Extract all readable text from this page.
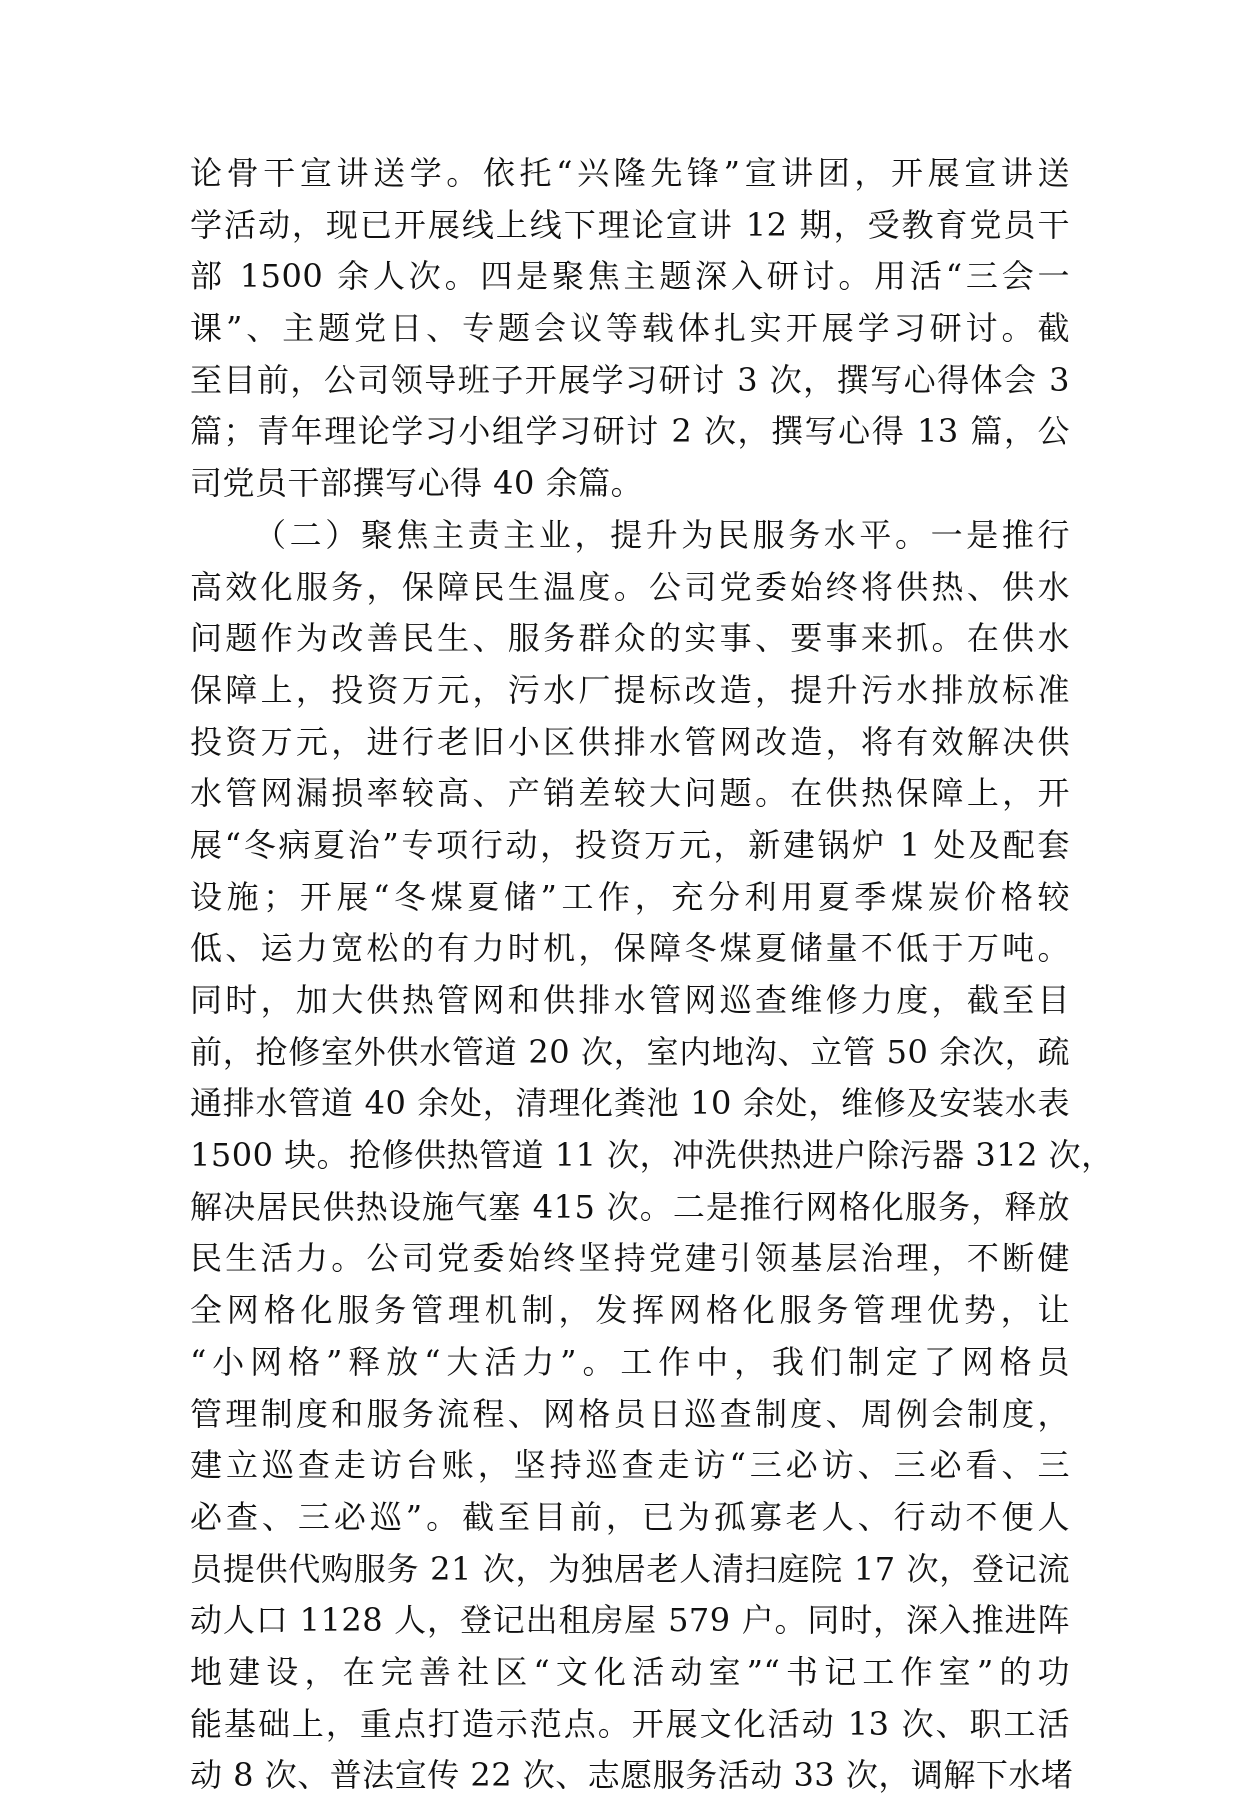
论骨干宣讲送学。依托“兴隆先锋”宣讲团，开展宣讲送
学活动，现已开展线上线下理论宣讲 12 期，受教育党员干
部 1500 余人次。四是聚焦主题深入研讨。用活“三会一
课”、主题党日、专题会议等载体扎实开展学习研讨。截
至目前，公司领导班子开展学习研讨 3 次，撰写心得体会 3
篇；青年理论学习小组学习研讨 2 次，撰写心得 13 篇，公
司党员干部撰写心得 40 余篇。
（二）聚焦主责主业，提升为民服务水平。一是推行
高效化服务，保障民生温度。公司党委始终将供热、供水
问题作为改善民生、服务群众的实事、要事来抓。在供水
保障上，投资万元，污水厂提标改造，提升污水排放标准
投资万元，进行老旧小区供排水管网改造，将有效解决供
水管网漏损率较高、产销差较大问题。在供热保障上，开
展“冬病夏治”专项行动，投资万元，新建锅炉 1 处及配套
设施；开展“冬煤夏储”工作，充分利用夏季煤炭价格较
低、运力宽松的有力时机，保障冬煤夏储量不低于万吨。
同时，加大供热管网和供排水管网巡查维修力度，截至目
前，抢修室外供水管道 20 次，室内地沟、立管 50 余次，疏
通排水管道 40 余处，清理化粪池 10 余处，维修及安装水表
1500 块。抢修供热管道 11 次，冲洗供热进户除污器 312 次，
解决居民供热设施气塞 415 次。二是推行网格化服务，释放
民生活力。公司党委始终坚持党建引领基层治理，不断健
全网格化服务管理机制，发挥网格化服务管理优势，让
“小网格”释放“大活力”。工作中，我们制定了网格员
管理制度和服务流程、网格员日巡查制度、周例会制度，
建立巡查走访台账，坚持巡查走访“三必访、三必看、三
必查、三必巡”。截至目前，已为孤寡老人、行动不便人
员提供代购服务 21 次，为独居老人清扫庭院 17 次，登记流
动人口 1128 人，登记出租房屋 579 户。同时，深入推进阵
地建设，在完善社区“文化活动室”“书记工作室”的功
能基础上，重点打造示范点。开展文化活动 13 次、职工活
动 8 次、普法宣传 22 次、志愿服务活动 33 次，调解下水堵
